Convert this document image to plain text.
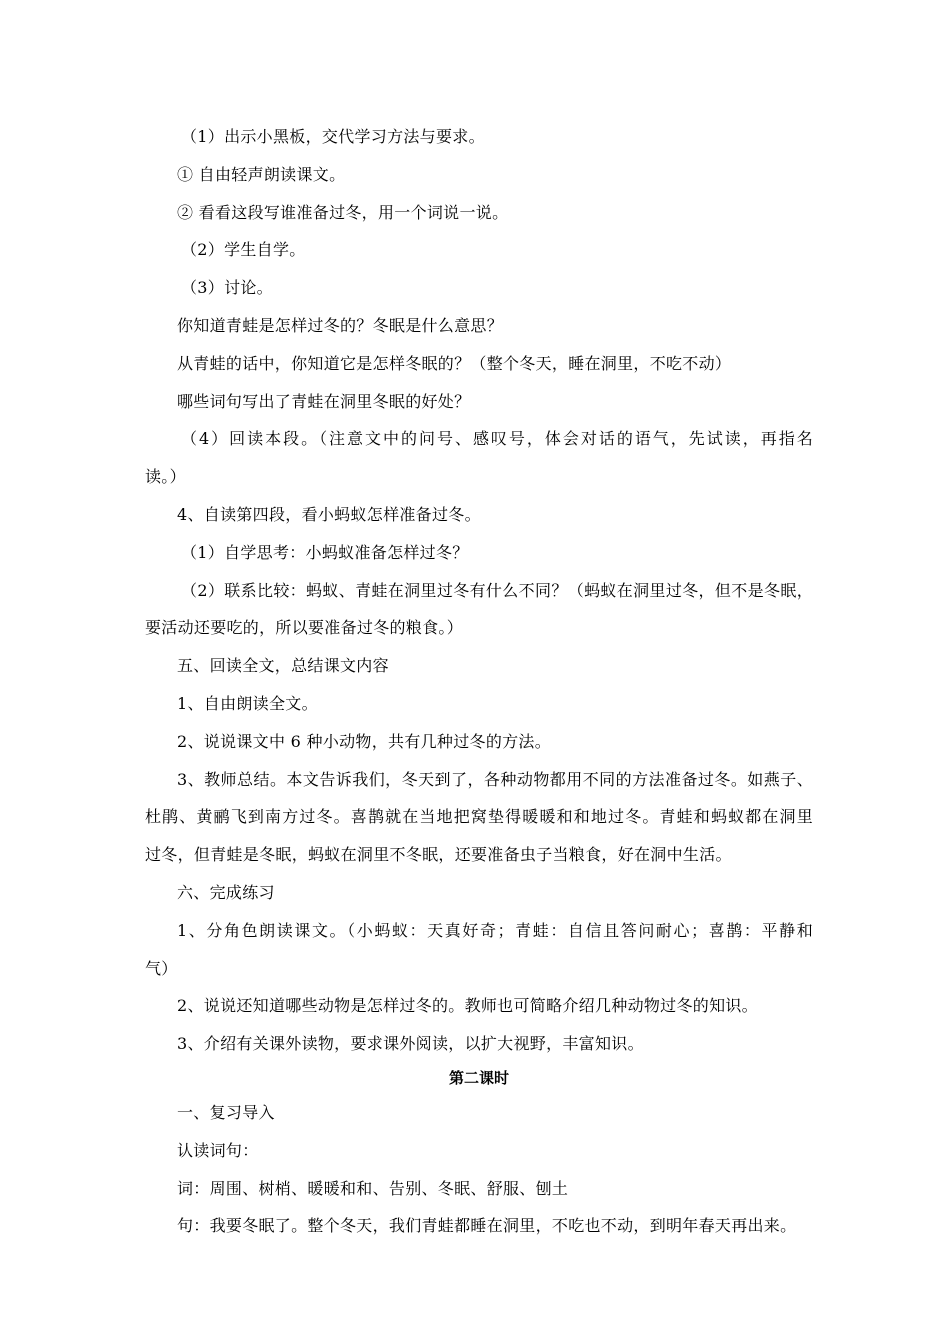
（1）出示小黑板，交代学习方法与要求。
① 自由轻声朗读课文。
② 看看这段写谁准备过冬，用一个词说一说。
（2）学生自学。
（3）讨论。
你知道青蛙是怎样过冬的？冬眠是什么意思？
从青蛙的话中，你知道它是怎样冬眠的？（整个冬天，睡在洞里，不吃不动）
哪些词句写出了青蛙在洞里冬眠的好处？
（4）回读本段。（注意文中的问号、感叹号，体会对话的语气，先试读，再指名
读。）
4、自读第四段，看小蚂蚁怎样准备过冬。
（1）自学思考：小蚂蚁准备怎样过冬？
（2）联系比较：蚂蚁、青蛙在洞里过冬有什么不同？（蚂蚁在洞里过冬，但不是冬眠，
要活动还要吃的，所以要准备过冬的粮食。）
五、回读全文，总结课文内容
1、自由朗读全文。
2、说说课文中 6 种小动物，共有几种过冬的方法。
3、教师总结。本文告诉我们，冬天到了，各种动物都用不同的方法准备过冬。如燕子、
杜鹃、黄鹂飞到南方过冬。喜鹊就在当地把窝垫得暖暖和和地过冬。青蛙和蚂蚁都在洞里
过冬，但青蛙是冬眠，蚂蚁在洞里不冬眠，还要准备虫子当粮食，好在洞中生活。
六、完成练习
1、分角色朗读课文。（小蚂蚁：天真好奇；青蛙：自信且答问耐心；喜鹊：平静和
气）
2、说说还知道哪些动物是怎样过冬的。教师也可简略介绍几种动物过冬的知识。
3、介绍有关课外读物，要求课外阅读，以扩大视野，丰富知识。
第二课时
一、复习导入
认读词句：
词：周围、树梢、暖暖和和、告别、冬眠、舒服、刨土
句：我要冬眠了。整个冬天，我们青蛙都睡在洞里，不吃也不动，到明年春天再出来。
